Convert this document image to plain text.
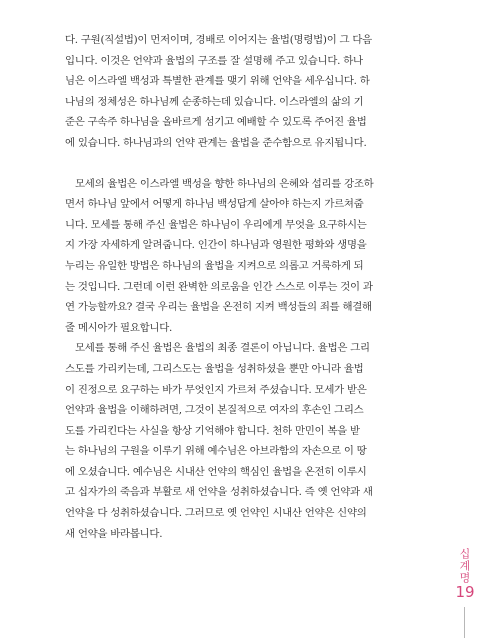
다. 구원(직설법)이 먼저이며, 경배로 이어지는 율법(명령법)이 그 다음
입니다. 이것은 언약과 율법의 구조를 잘 설명해 주고 있습니다. 하나
님은 이스라엘 백성과 특별한 관계를 맺기 위해 언약을 세우십니다. 하
나님의 정체성은 하나님께 순종하는데 있습니다. 이스라엘의 삶의 기
준은 구속주 하나님을 올바르게 섬기고 예배할 수 있도록 주어진 율법
에 있습니다. 하나님과의 언약 관계는 율법을 준수함으로 유지됩니다.

모세의 율법은 이스라엘 백성을 향한 하나님의 은혜와 섭리를 강조하
면서 하나님 앞에서 어떻게 하나님 백성답게 살아야 하는지 가르쳐줍
니다. 모세를 통해 주신 율법은 하나님이 우리에게 무엇을 요구하시는
지 가장 자세하게 알려줍니다. 인간이 하나님과 영원한 평화와 생명을
누리는 유일한 방법은 하나님의 율법을 지켜으로 의롭고 거룩하게 되
는 것입니다. 그런데 이런 완벽한 의로움을 인간 스스로 이루는 것이 과
연 가능할까요? 결국 우리는 율법을 온전히 지켜 백성들의 죄를 해결해
줄 메시아가 필요합니다.

모세를 통해 주신 율법은 율법의 최종 결론이 아닙니다. 율법은 그리
스도를 가리키는데, 그리스도는 율법을 성취하셨을 뿐만 아니라 율법
이 진정으로 요구하는 바가 무엇인지 가르쳐 주셨습니다. 모세가 받은
언약과 율법을 이해하려면, 그것이 본질적으로 여자의 후손인 그리스
도를 가리킨다는 사실을 항상 기억해야 합니다. 천하 만민이 복을 받
는 하나님의 구원을 이루기 위해 예수님은 아브라함의 자손으로 이 땅
에 오셨습니다. 예수님은 시내산 언약의 핵심인 율법을 온전히 이루시
고 십자가의 죽음과 부활로 새 언약을 성취하셨습니다. 즉 옛 언약과 새
언약을 다 성취하셨습니다. 그러므로 옛 언약인 시내산 언약은 신약의
새 언약을 바라봅니다.

십계명
19
